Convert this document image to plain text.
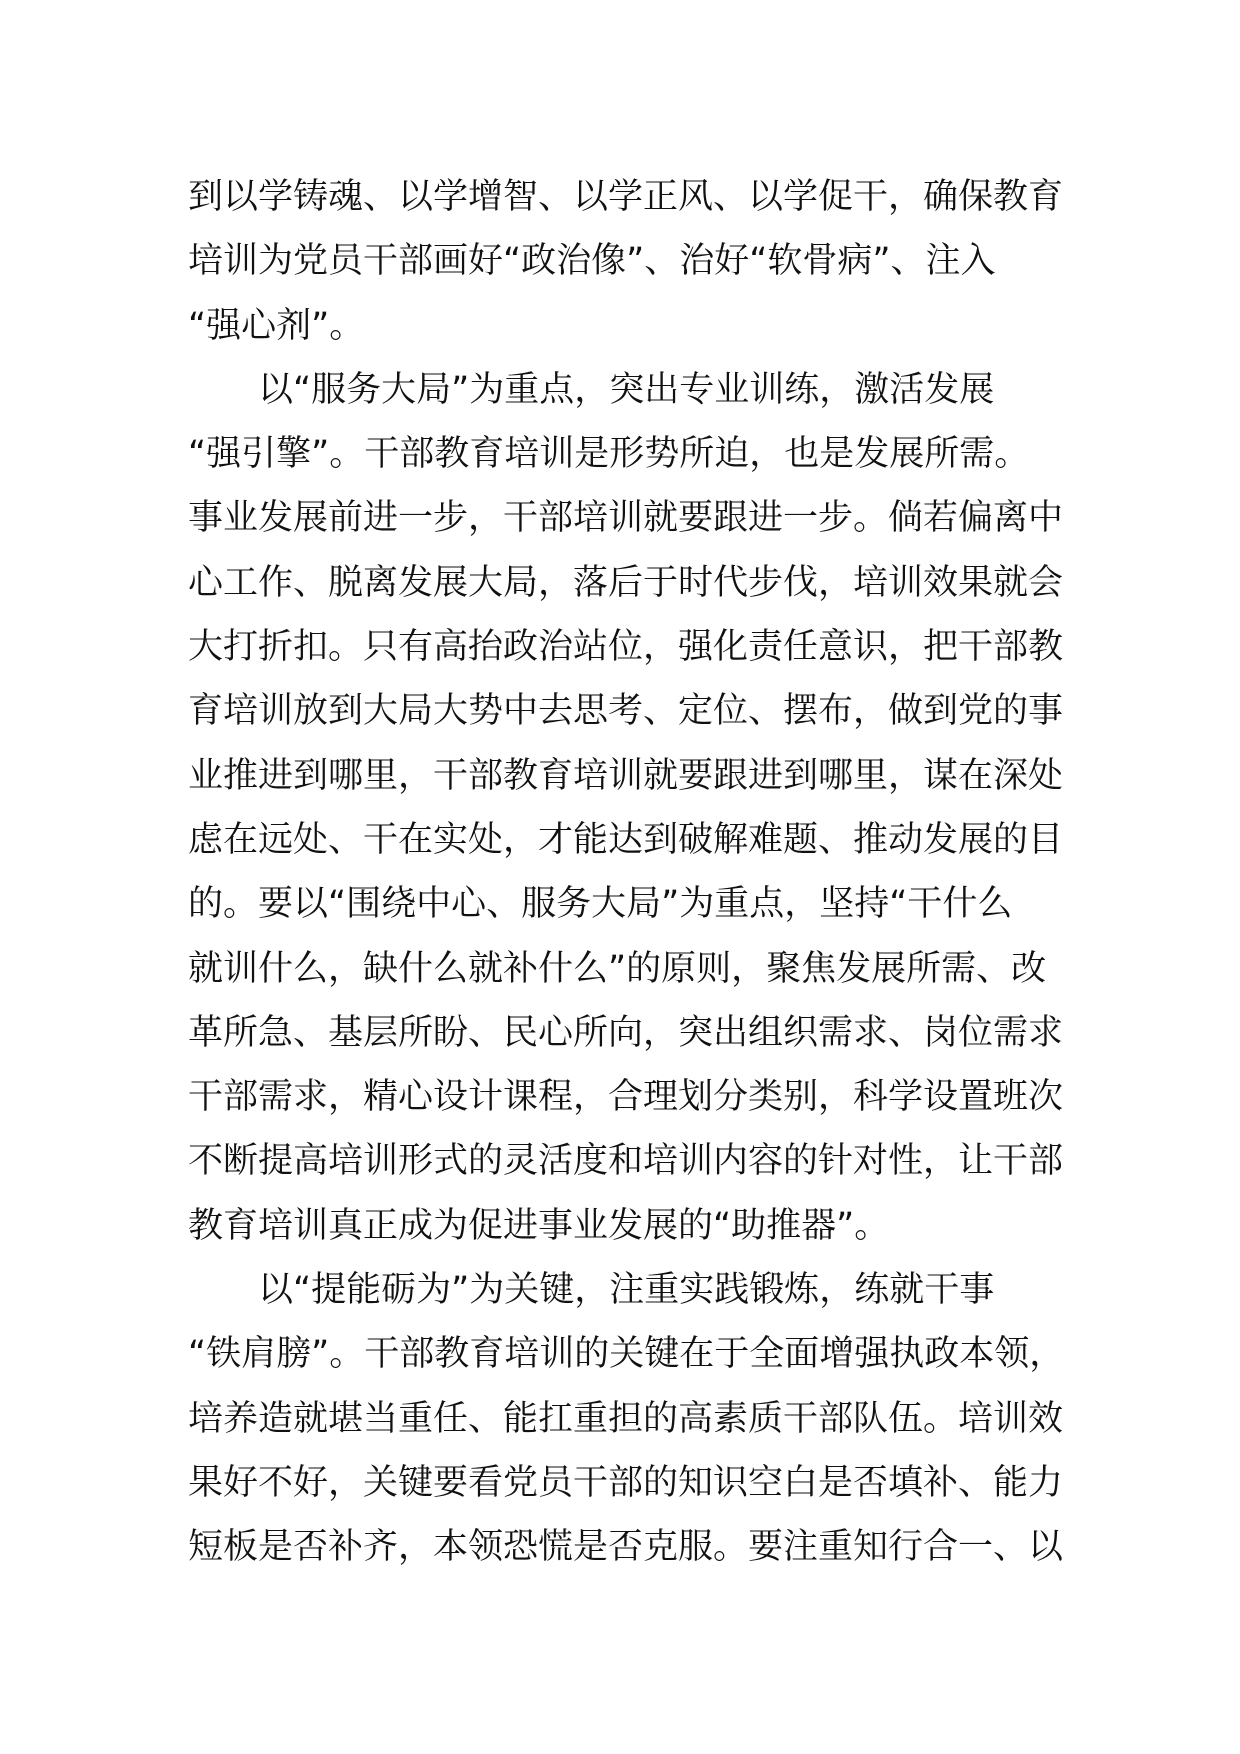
到以学铸魂、以学增智、以学正风、以学促干，确保教育
培训为党员干部画好“政治像”、治好“软骨病”、注入
“强心剂”。
以“服务大局”为重点，突出专业训练，激活发展
“强引擎”。干部教育培训是形势所迫，也是发展所需。
事业发展前进一步，干部培训就要跟进一步。倘若偏离中
心工作、脱离发展大局，落后于时代步伐，培训效果就会
大打折扣。只有高抬政治站位，强化责任意识，把干部教
育培训放到大局大势中去思考、定位、摆布，做到党的事
业推进到哪里，干部教育培训就要跟进到哪里，谋在深处
虑在远处、干在实处，才能达到破解难题、推动发展的目
的。要以“围绕中心、服务大局”为重点，坚持“干什么
就训什么，缺什么就补什么”的原则，聚焦发展所需、改
革所急、基层所盼、民心所向，突出组织需求、岗位需求
干部需求，精心设计课程，合理划分类别，科学设置班次
不断提高培训形式的灵活度和培训内容的针对性，让干部
教育培训真正成为促进事业发展的“助推器”。
以“提能砺为”为关键，注重实践锻炼，练就干事
“铁肩膀”。干部教育培训的关键在于全面增强执政本领，
培养造就堪当重任、能扛重担的高素质干部队伍。培训效
果好不好，关键要看党员干部的知识空白是否填补、能力
短板是否补齐，本领恐慌是否克服。要注重知行合一、以
